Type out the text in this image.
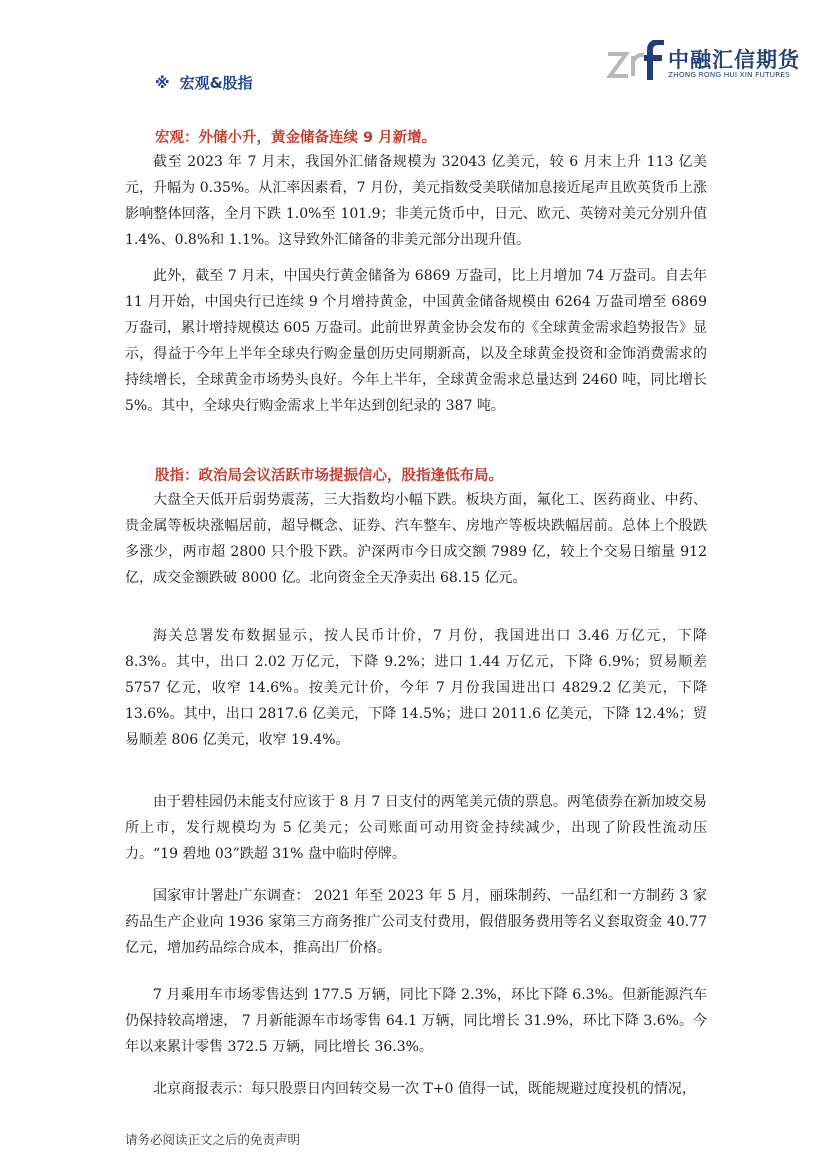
中融汇信期货
ZHONG RONG HUI XIN FUTURES
※ 宏观&股指
宏观：外储小升，黄金储备连续 9 月新增。

截至 2023 年 7 月末，我国外汇储备规模为 32043 亿美元，较 6 月末上升 113 亿美元，升幅为 0.35%。从汇率因素看，7 月份，美元指数受美联储加息接近尾声且欧英货币上涨影响整体回落，全月下跌 1.0%至 101.9；非美元货币中，日元、欧元、英镑对美元分别升值 1.4%、0.8%和 1.1%。这导致外汇储备的非美元部分出现升值。

此外，截至 7 月末，中国央行黄金储备为 6869 万盎司，比上月增加 74 万盎司。自去年 11 月开始，中国央行已连续 9 个月增持黄金，中国黄金储备规模由 6264 万盎司增至 6869 万盎司，累计增持规模达 605 万盎司。此前世界黄金协会发布的《全球黄金需求趋势报告》显示，得益于今年上半年全球央行购金量创历史同期新高，以及全球黄金投资和金饰消费需求的持续增长，全球黄金市场势头良好。今年上半年，全球黄金需求总量达到 2460 吨，同比增长 5%。其中，全球央行购金需求上半年达到创纪录的 387 吨。

股指：政治局会议活跃市场提振信心，股指逢低布局。

大盘全天低开后弱势震荡，三大指数均小幅下跌。板块方面，氟化工、医药商业、中药、贵金属等板块涨幅居前，超导概念、证券、汽车整车、房地产等板块跌幅居前。总体上个股跌多涨少，两市超 2800 只个股下跌。沪深两市今日成交额 7989 亿，较上个交易日缩量 912 亿，成交金额跌破 8000 亿。北向资金全天净卖出 68.15 亿元。

海关总署发布数据显示，按人民币计价，7 月份，我国进出口 3.46 万亿元，下降 8.3%。其中，出口 2.02 万亿元，下降 9.2%；进口 1.44 万亿元，下降 6.9%；贸易顺差 5757 亿元，收窄 14.6%。按美元计价，今年 7 月份我国进出口 4829.2 亿美元，下降 13.6%。其中，出口 2817.6 亿美元，下降 14.5%；进口 2011.6 亿美元，下降 12.4%；贸易顺差 806 亿美元，收窄 19.4%。

由于碧桂园仍未能支付应该于 8 月 7 日支付的两笔美元债的票息。两笔债券在新加坡交易所上市，发行规模均为 5 亿美元；公司账面可动用资金持续减少，出现了阶段性流动压力。“19 碧地 03”跌超 31% 盘中临时停牌。

国家审计署赴广东调查： 2021 年至 2023 年 5 月，丽珠制药、一品红和一方制药 3 家药品生产企业向 1936 家第三方商务推广公司支付费用，假借服务费用等名义套取资金 40.77 亿元，增加药品综合成本，推高出厂价格。

7 月乘用车市场零售达到 177.5 万辆，同比下降 2.3%，环比下降 6.3%。但新能源汽车仍保持较高增速， 7 月新能源车市场零售 64.1 万辆，同比增长 31.9%，环比下降 3.6%。今年以来累计零售 372.5 万辆，同比增长 36.3%。

北京商报表示：每只股票日内回转交易一次 T+0 值得一试，既能规避过度投机的情况，

请务必阅读正文之后的免责声明
